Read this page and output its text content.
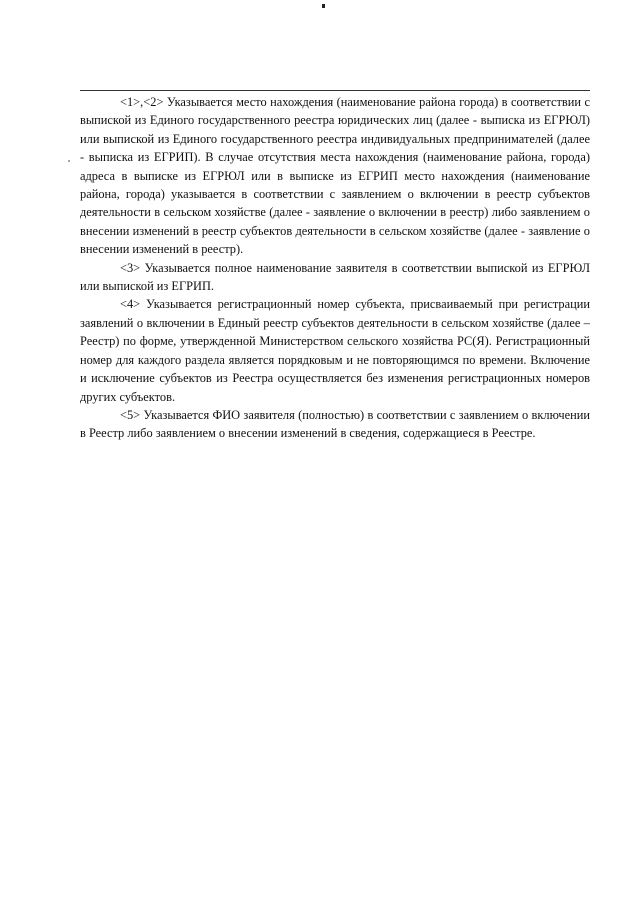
<1>,<2> Указывается место нахождения (наименование района города) в соответствии с выпиской из Единого государственного реестра юридических лиц (далее - выписка из ЕГРЮЛ) или выпиской из Единого государственного реестра индивидуальных предпринимателей (далее - выписка из ЕГРИП). В случае отсутствия места нахождения (наименование района, города) адреса в выписке из ЕГРЮЛ или в выписке из ЕГРИП место нахождения (наименование района, города) указывается в соответствии с заявлением о включении в реестр субъектов деятельности в сельском хозяйстве (далее - заявление о включении в реестр) либо заявлением о внесении изменений в реестр субъектов деятельности в сельском хозяйстве (далее - заявление о внесении изменений в реестр).

<3> Указывается полное наименование заявителя в соответствии выпиской из ЕГРЮЛ или выпиской из ЕГРИП.

<4> Указывается регистрационный номер субъекта, присваиваемый при регистрации заявлений о включении в Единый реестр субъектов деятельности в сельском хозяйстве (далее – Реестр) по форме, утвержденной Министерством сельского хозяйства РС(Я). Регистрационный номер для каждого раздела является порядковым и не повторяющимся по времени. Включение и исключение субъектов из Реестра осуществляется без изменения регистрационных номеров других субъектов.

<5> Указывается ФИО заявителя (полностью) в соответствии с заявлением о включении в Реестр либо заявлением о внесении изменений в сведения, содержащиеся в Реестре.
